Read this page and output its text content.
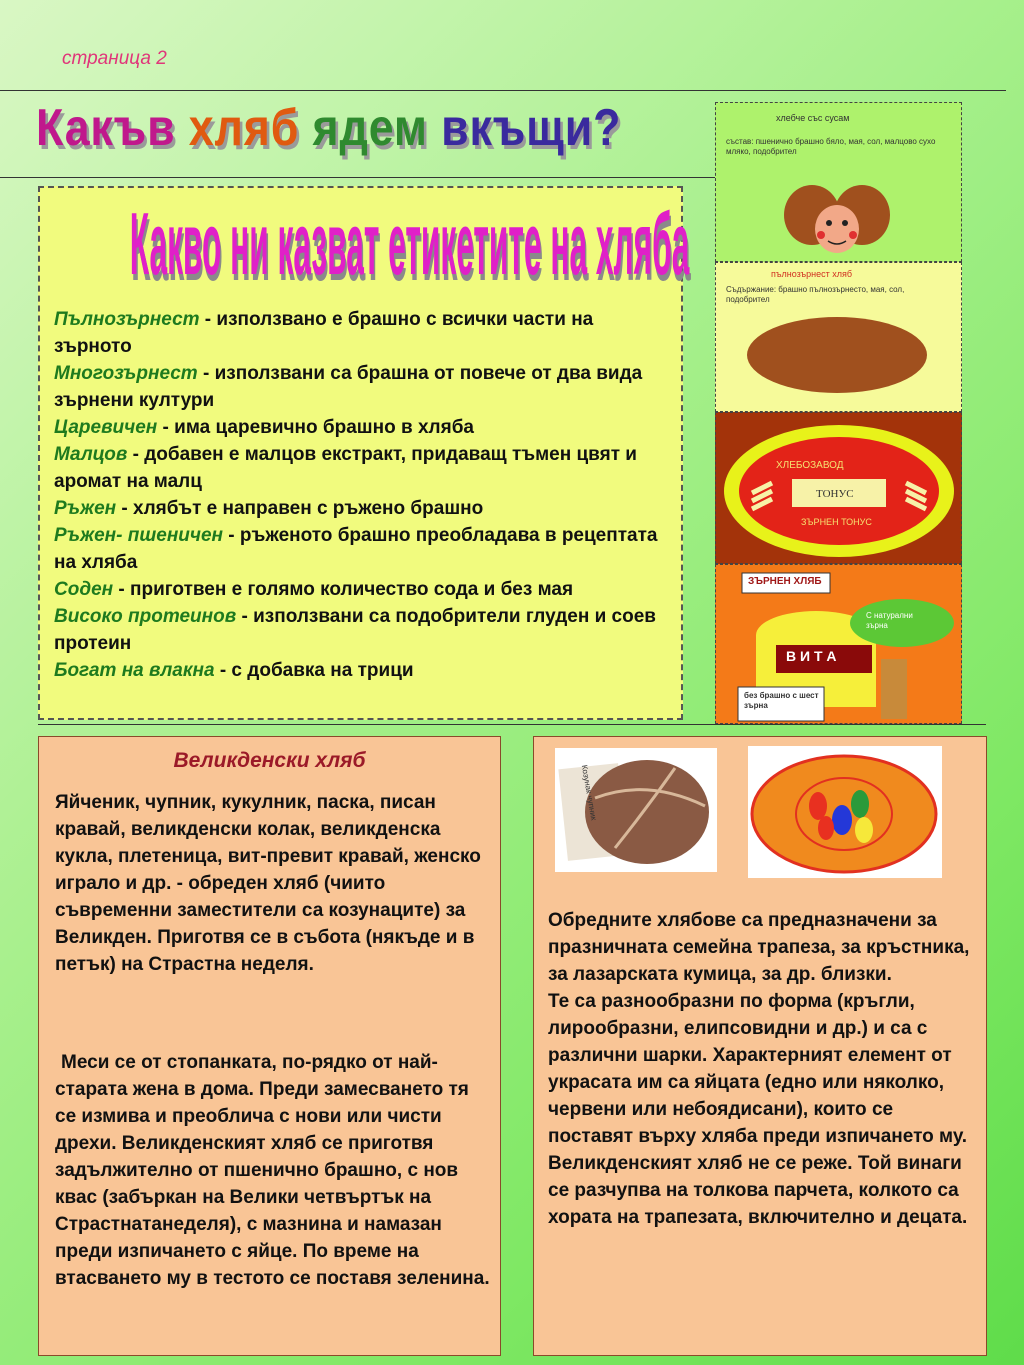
страница 2
Какъв хляб ядем вкъщи?
Какво ни казват етикетите на хляба
Пълнозърнест - използвано е брашно с всички части на зърното
Многозърнест - използвани са брашна от повече от два вида зърнени култури
Царевичен - има царевично брашно в хляба
Малцов - добавен е малцов екстракт, придаващ тъмен цвят и аромат на малц
Ръжен - хлябът е направен с ръжено брашно
Ръжен- пшеничен - ръженото брашно преобладава в рецептата на хляба
Соден - приготвен е голямо количество сода и без мая
Високо протеинов - използвани са подобрители глуден и соев протеин
Богат на влакна - с добавка на трици
хлебче със сусам
състав: пшенично брашно бяло, мая, сол, малцово сухо мляко, подобрител
пълнозърнест хляб
Съдържание: брашно пълнозърнесто, мая, сол, подобрител
ХЛЕБОЗАВОД
ТОНУС
ЗЪРНЕН ТОНУС
ЗЪРНЕН ХЛЯБ
С натурални зърна
В И Т А
без брашно с шест зърна
Великденски хляб
Яйченик, чупник, кукулник, паска, писан кравай, великденски колак, великденска кукла, плетеница, вит-превит кравай, женско играло и др. - обреден хляб (чиито съвременни заместители са козунаците) за Великден. Приготвя се в събота (някъде и в петък) на Страстна неделя.
Меси се от стопанката, по-рядко от най-старата жена в дома. Преди замесването тя се измива и преоблича с нови или чисти дрехи. Великденският хляб се приготвя задължително от пшенично брашно, с нов квас (забъркан на Велики четвъртък на Страстнатанеделя), с мазнина и намазан преди изпичането с яйце. По време на втасването му в тестото се поставя зеленина.
Козунак чупник
Обредните хлябове са предназначени за празничната семейна трапеза, за кръстника, за лазарската кумица, за др. близки.
Те са разнообразни по форма (кръгли, лирообразни, елипсовидни и др.) и са с различни шарки. Характерният елемент от украсата им са яйцата (едно или няколко, червени или небоядисани), които се поставят върху хляба преди изпичането му.
Великденският хляб не се реже. Той винаги се разчупва на толкова парчета, колкото са хората на трапезата, включително и децата.
